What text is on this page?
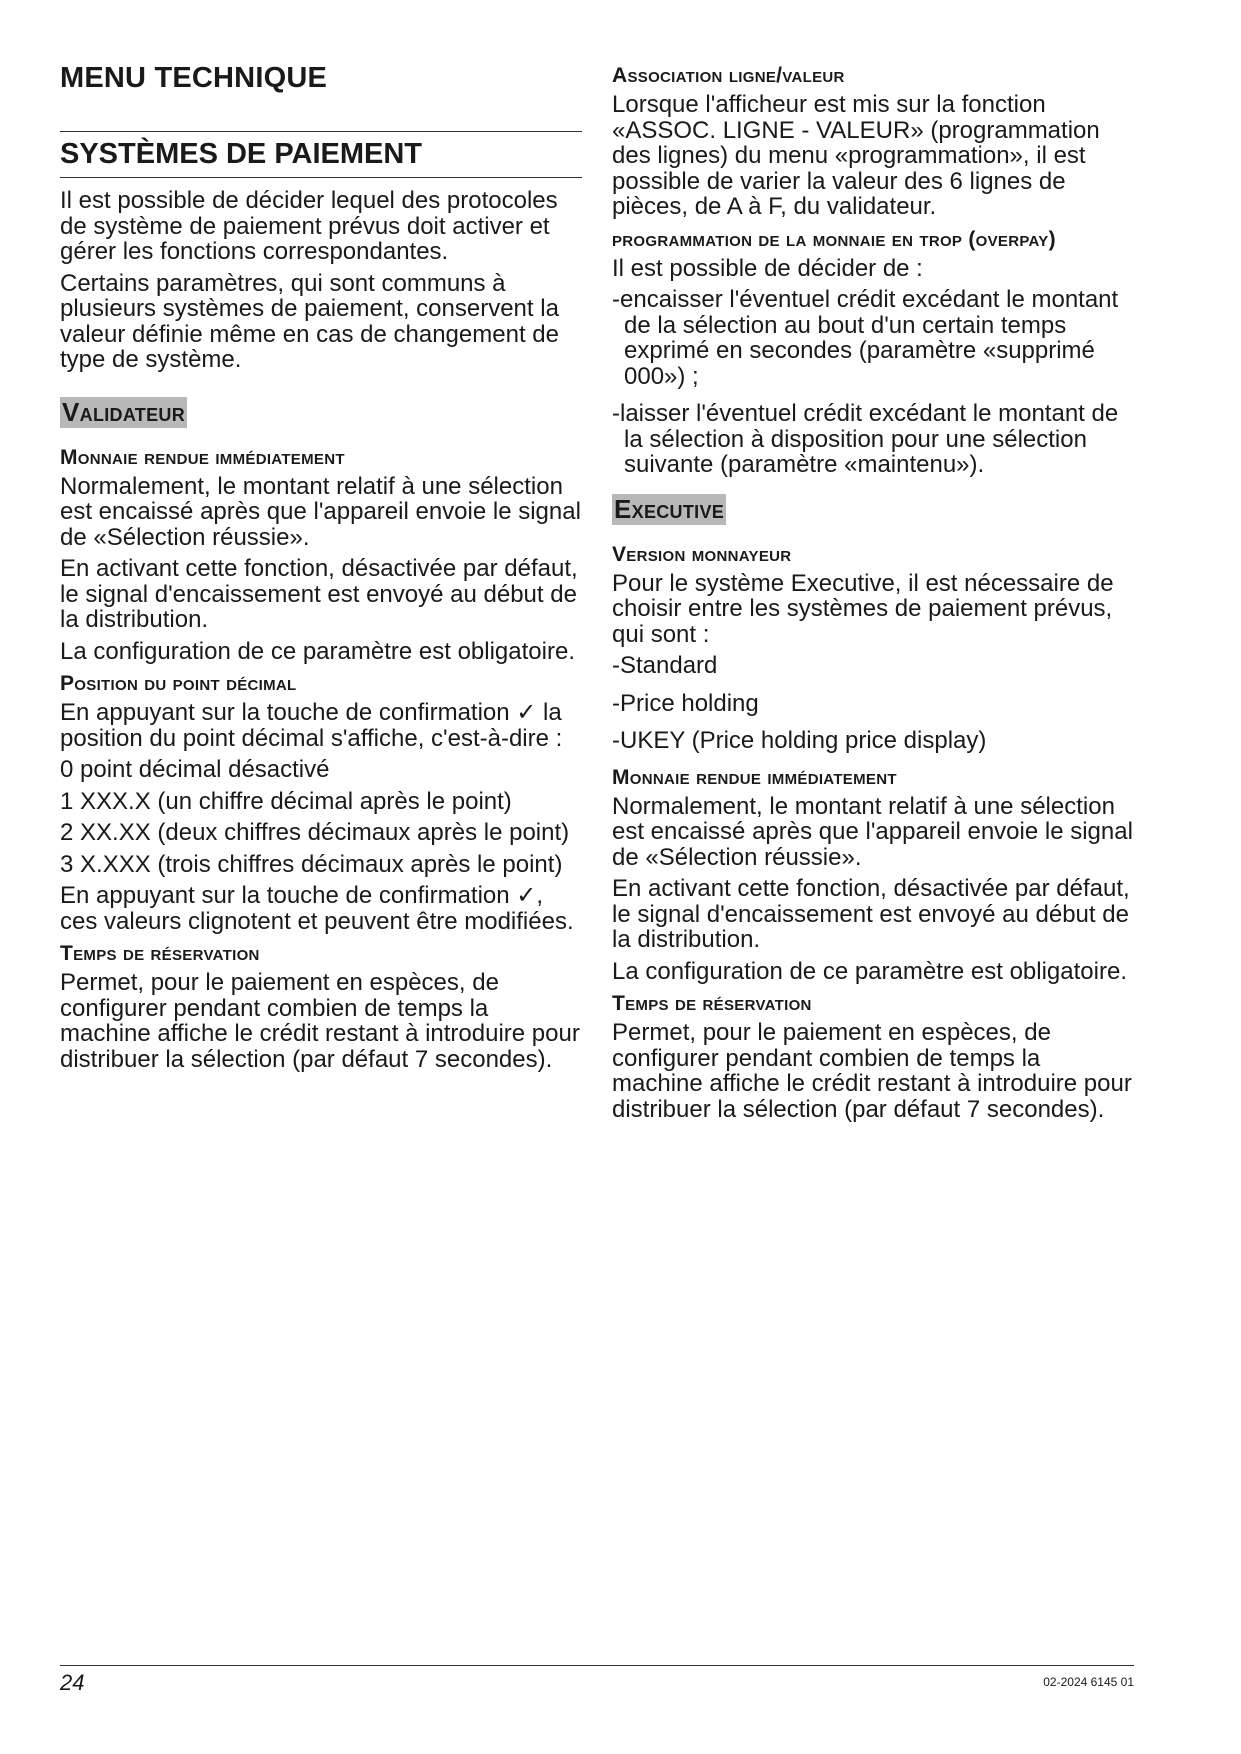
MENU TECHNIQUE
SYSTÈMES DE PAIEMENT

Il est possible de décider lequel des protocoles de système de paiement prévus doit activer et gérer les fonctions correspondantes.

Certains paramètres, qui sont communs à plusieurs systèmes de paiement, conservent la valeur définie même en cas de changement de type de système.

Validateur
Monnaie rendue immédiatement

Normalement, le montant relatif à une sélection est encaissé après que l'appareil envoie le signal de «Sélection réussie».

En activant cette fonction, désactivée par défaut, le signal d'encaissement est envoyé au début de la distribution.

La configuration de ce paramètre est obligatoire.

Position du point décimal

En appuyant sur la touche de confirmation ✓ la position du point décimal s'affiche, c'est-à-dire :

0 point décimal désactivé

1 XXX.X (un chiffre décimal après le point)

2 XX.XX (deux chiffres décimaux après le point)

3 X.XXX (trois chiffres décimaux après le point)

En appuyant sur la touche de confirmation ✓, ces valeurs clignotent et peuvent être modifiées.

Temps de réservation

Permet, pour le paiement en espèces, de configurer pendant combien de temps la machine affiche le crédit restant à introduire pour distribuer la sélection (par défaut 7 secondes).

Association ligne/valeur

Lorsque l'afficheur est mis sur la fonction «ASSOC. LIGNE - VALEUR» (programmation des lignes) du menu «programmation», il est possible de varier la valeur des 6 lignes de pièces, de A à F, du validateur.

programmation de la monnaie en trop (overpay)

Il est possible de décider de :

-encaisser l'éventuel crédit excédant le montant de la sélection au bout d'un certain temps exprimé en secondes (paramètre «supprimé 000») ;
-laisser l'éventuel crédit excédant le montant de la sélection à disposition pour une sélection suivante (paramètre «maintenu»).
Executive
Version monnayeur

Pour le système Executive, il est nécessaire de choisir entre les systèmes de paiement prévus, qui sont :

-Standard
-Price holding
-UKEY (Price holding price display)
Monnaie rendue immédiatement

Normalement, le montant relatif à une sélection est encaissé après que l'appareil envoie le signal de «Sélection réussie».

En activant cette fonction, désactivée par défaut, le signal d'encaissement est envoyé au début de la distribution.

La configuration de ce paramètre est obligatoire.

Temps de réservation

Permet, pour le paiement en espèces, de configurer pendant combien de temps la machine affiche le crédit restant à introduire pour distribuer la sélection (par défaut 7 secondes).

24	02-2024 6145 01
